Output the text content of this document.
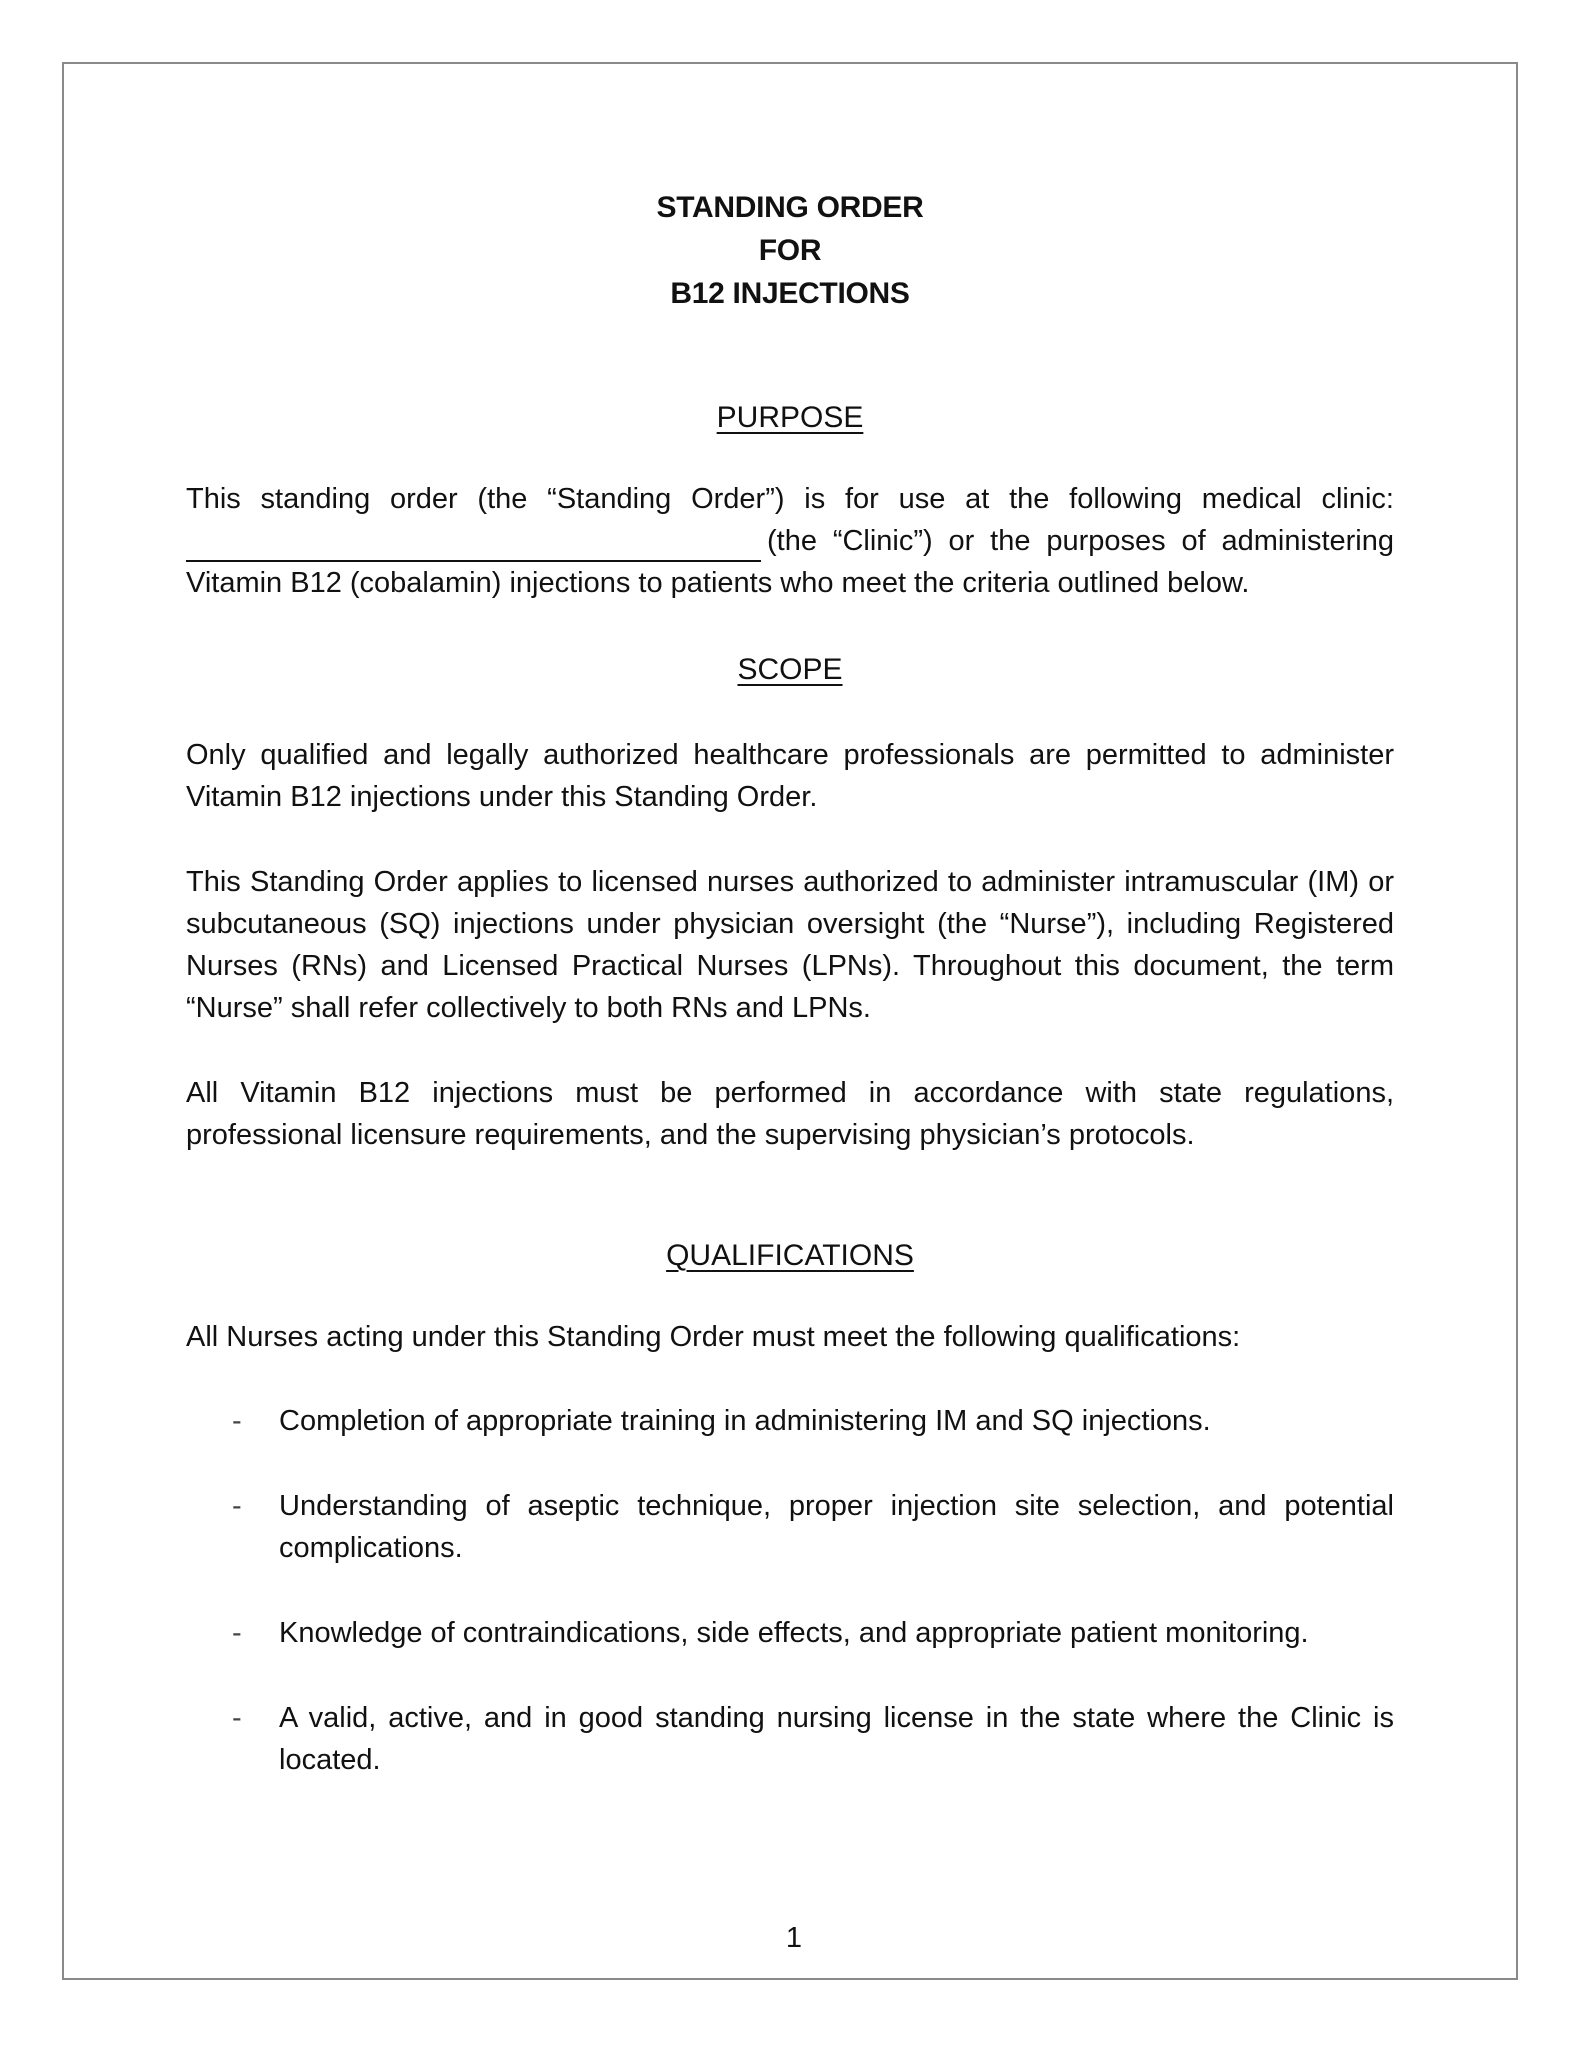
STANDING ORDER
FOR
B12 INJECTIONS
PURPOSE
This standing order (the “Standing Order”) is for use at the following medical clinic:
(the “Clinic”) or the purposes of administering
Vitamin B12 (cobalamin) injections to patients who meet the criteria outlined below.
SCOPE

Only qualified and legally authorized healthcare professionals are permitted to administer Vitamin B12 injections under this Standing Order.

This Standing Order applies to licensed nurses authorized to administer intramuscular (IM) or subcutaneous (SQ) injections under physician oversight (the “Nurse”), including Registered Nurses (RNs) and Licensed Practical Nurses (LPNs). Throughout this document, the term “Nurse” shall refer collectively to both RNs and LPNs.

All Vitamin B12 injections must be performed in accordance with state regulations, professional licensure requirements, and the supervising physician’s protocols.

QUALIFICATIONS

All Nurses acting under this Standing Order must meet the following qualifications:

- Completion of appropriate training in administering IM and SQ injections.
- Understanding of aseptic technique, proper injection site selection, and potential complications.
- Knowledge of contraindications, side effects, and appropriate patient monitoring.
- A valid, active, and in good standing nursing license in the state where the Clinic is located.
1
